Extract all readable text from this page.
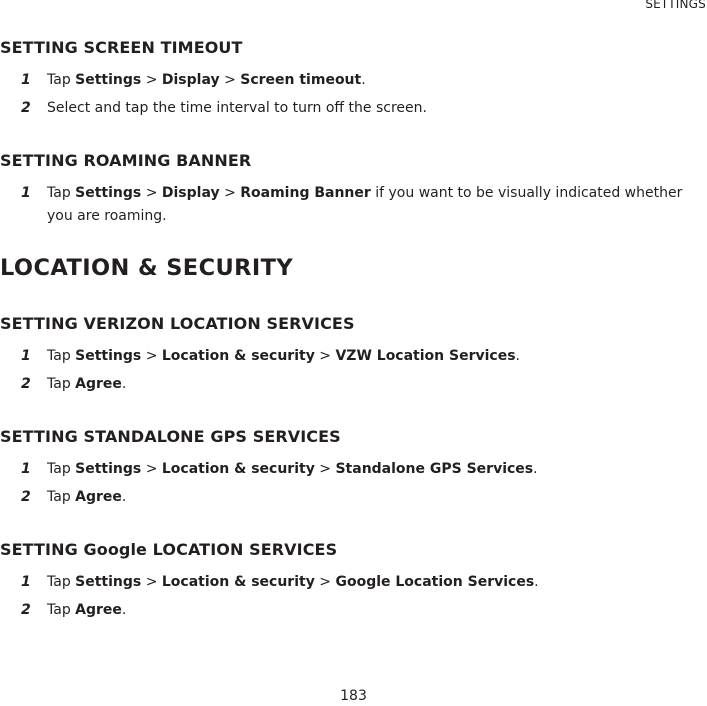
SETTINGS
SETTING SCREEN TIMEOUT

1 Tap Settings > Display > Screen timeout.

2 Select and tap the time interval to turn off the screen.

SETTING ROAMING BANNER

1 Tap Settings > Display > Roaming Banner if you want to be visually indicated whether you are roaming.

LOCATION & SECURITY
SETTING VERIZON LOCATION SERVICES

1 Tap Settings > Location & security > VZW Location Services.

2 Tap Agree.

SETTING STANDALONE GPS SERVICES

1 Tap Settings > Location & security > Standalone GPS Services.

2 Tap Agree.

SETTING Google LOCATION SERVICES

1 Tap Settings > Location & security > Google Location Services.

2 Tap Agree.

183
